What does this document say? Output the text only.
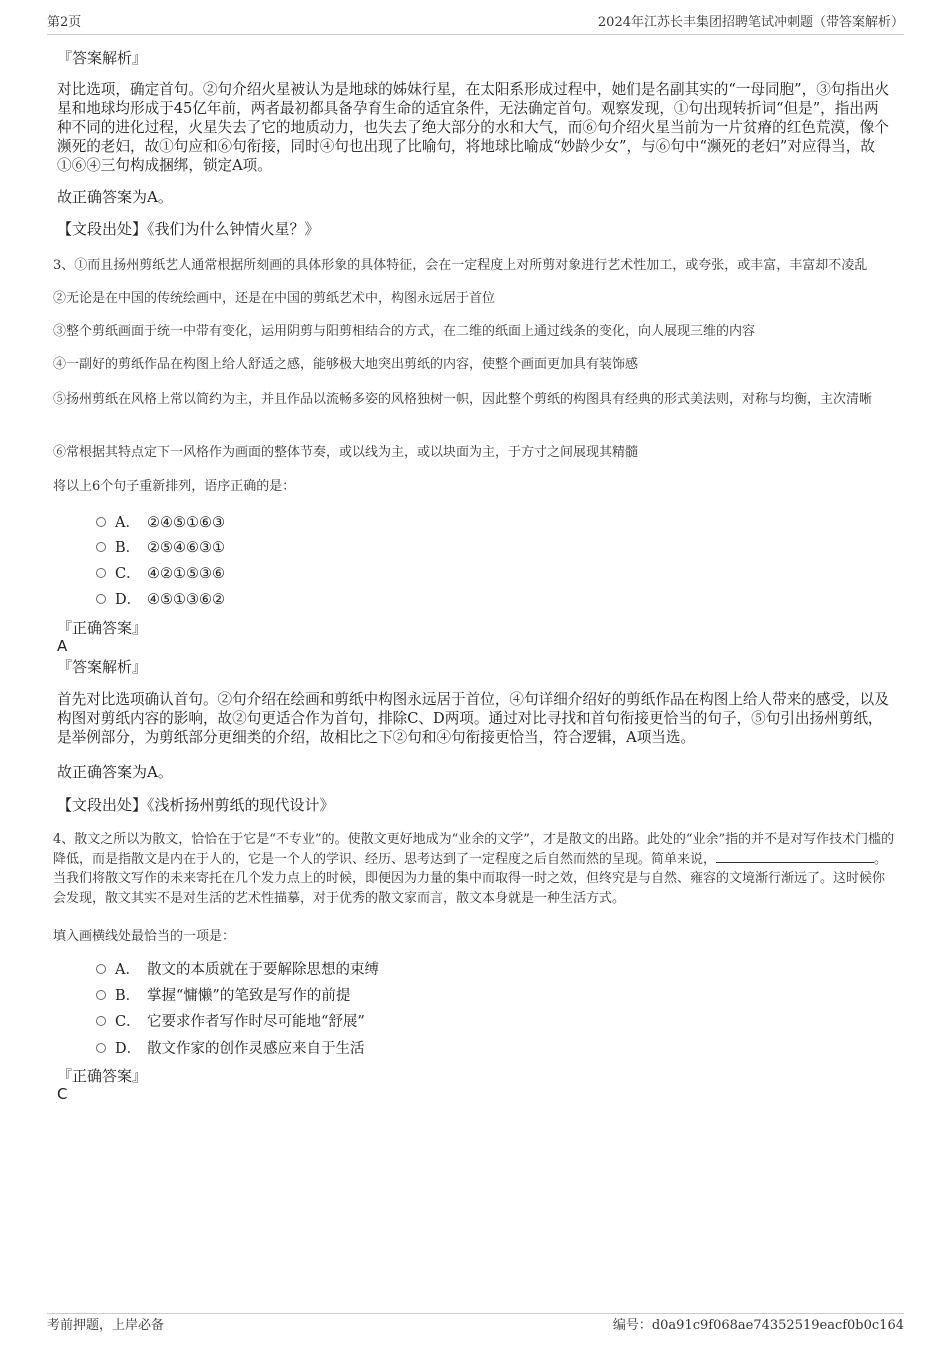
第2页	2024年江苏长丰集团招聘笔试冲刺题（带答案解析）
『答案解析』
对比选项，确定首句。②句介绍火星被认为是地球的姊妹行星，在太阳系形成过程中，她们是名副其实的“一母同胞”，③句指出火星和地球均形成于45亿年前，两者最初都具备孕育生命的适宜条件，无法确定首句。观察发现，①句出现转折词“但是”，指出两种不同的进化过程，火星失去了它的地质动力，也失去了绝大部分的水和大气，而⑥句介绍火星当前为一片贫瘠的红色荒漠，像个濒死的老妇，故①句应和⑥句衔接，同时④句也出现了比喻句，将地球比喻成“妙龄少女”，与⑥句中“濒死的老妇”对应得当，故①⑥④三句构成捆绑，锁定A项。
故正确答案为A。
【文段出处】《我们为什么钟情火星？》
3、①而且扬州剪纸艺人通常根据所刻画的具体形象的具体特征，会在一定程度上对所剪对象进行艺术性加工，或夸张，或丰富，丰富却不凌乱
②无论是在中国的传统绘画中，还是在中国的剪纸艺术中，构图永远居于首位
③整个剪纸画面于统一中带有变化，运用阴剪与阳剪相结合的方式，在二维的纸面上通过线条的变化，向人展现三维的内容
④一副好的剪纸作品在构图上给人舒适之感，能够极大地突出剪纸的内容，使整个画面更加具有装饰感
⑤扬州剪纸在风格上常以简约为主，并且作品以流畅多姿的风格独树一帜，因此整个剪纸的构图具有经典的形式美法则，对称与均衡，主次清晰
⑥常根据其特点定下一风格作为画面的整体节奏，或以线为主，或以块面为主，于方寸之间展现其精髓
将以上6个句子重新排列，语序正确的是：
A． ②④⑤①⑥③
B． ②⑤④⑥③①
C． ④②①⑤③⑥
D． ④⑤①③⑥②
『正确答案』
A
『答案解析』
首先对比选项确认首句。②句介绍在绘画和剪纸中构图永远居于首位，④句详细介绍好的剪纸作品在构图上给人带来的感受，以及构图对剪纸内容的影响，故②句更适合作为首句，排除C、D两项。通过对比寻找和首句衔接更恰当的句子，⑤句引出扬州剪纸，是举例部分，为剪纸部分更细类的介绍，故相比之下②句和④句衔接更恰当，符合逻辑，A项当选。
故正确答案为A。
【文段出处】《浅析扬州剪纸的现代设计》
4、散文之所以为散文，恰恰在于它是“不专业”的。使散文更好地成为“业余的文学”，才是散文的出路。此处的“业余”指的并不是对写作技术门槛的降低，而是指散文是内在于人的，它是一个人的学识、经历、思考达到了一定程度之后自然而然的呈现。简单来说，	。当我们将散文写作的未来寄托在几个发力点上的时候，即便因为力量的集中而取得一时之效，但终究是与自然、雍容的文境渐行渐远了。这时候你会发现，散文其实不是对生活的艺术性描摹，对于优秀的散文家而言，散文本身就是一种生活方式。
填入画横线处最恰当的一项是：
A． 散文的本质就在于要解除思想的束缚
B． 掌握“慵懒”的笔致是写作的前提
C． 它要求作者写作时尽可能地“舒展”
D． 散文作家的创作灵感应来自于生活
『正确答案』
C
考前押题，上岸必备	编号：d0a91c9f068ae74352519eacf0b0c164
